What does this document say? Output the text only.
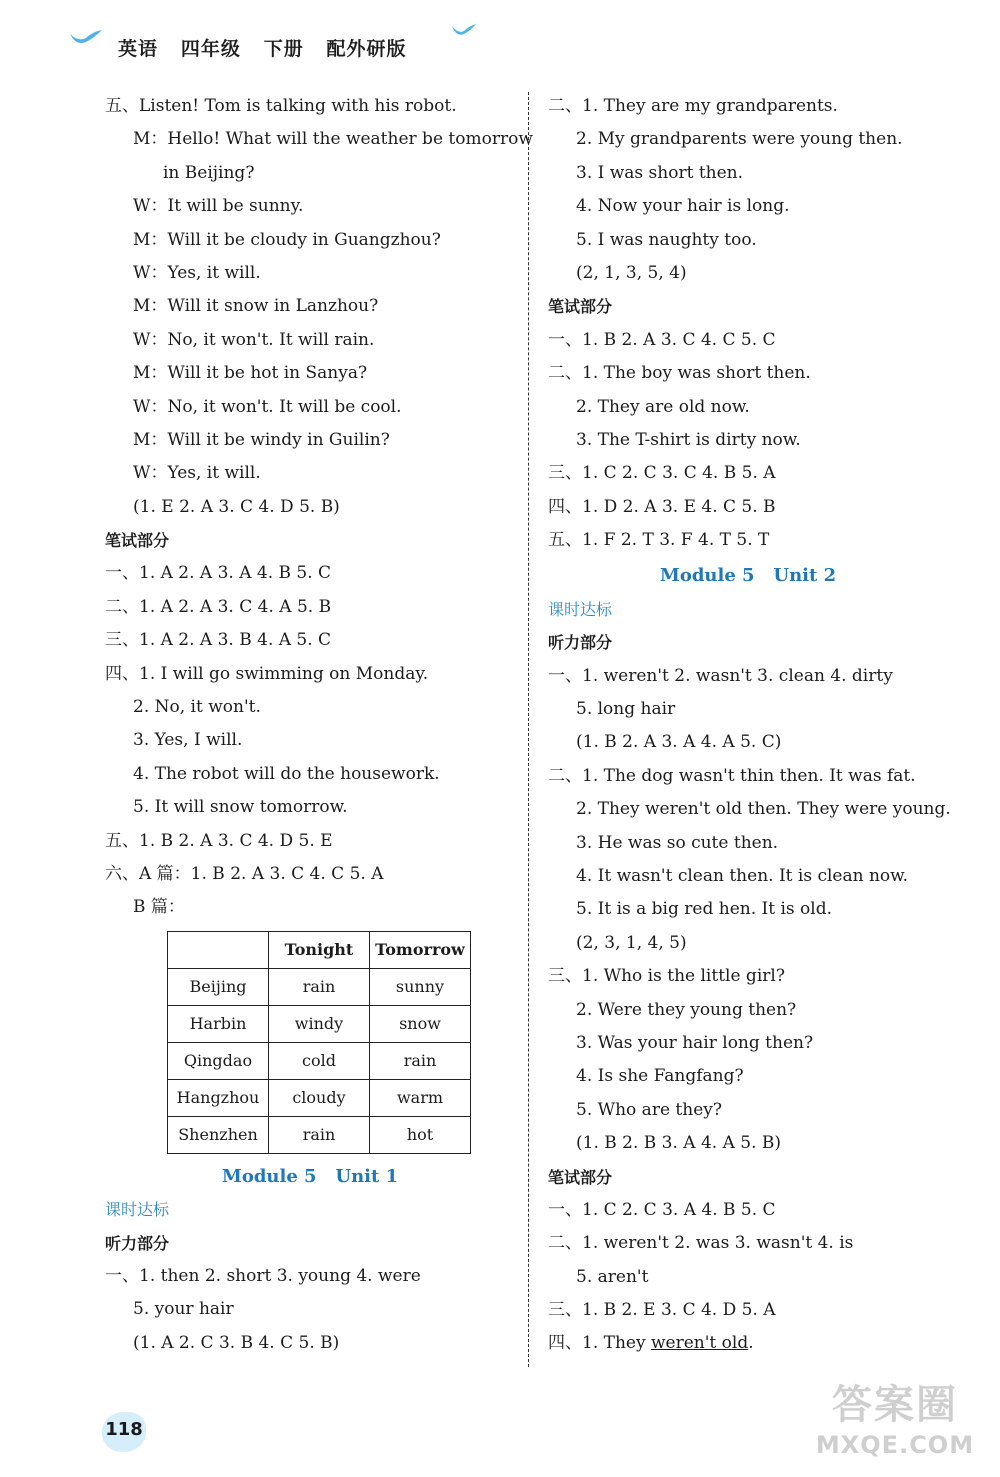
英语   四年级   下册   配外研版
五、Listen! Tom is talking with his robot.
M：Hello! What will the weather be tomorrow
in Beijing?
W：It will be sunny.
M：Will it be cloudy in Guangzhou?
W：Yes, it will.
M：Will it snow in Lanzhou?
W：No, it won't. It will rain.
M：Will it be hot in Sanya?
W：No, it won't. It will be cool.
M：Will it be windy in Guilin?
W：Yes, it will.
(1. E 2. A 3. C 4. D 5. B)
笔试部分
一、1. A 2. A 3. A 4. B 5. C
二、1. A 2. A 3. C 4. A 5. B
三、1. A 2. A 3. B 4. A 5. C
四、1. I will go swimming on Monday.
2. No, it won't.
3. Yes, I will.
4. The robot will do the housework.
5. It will snow tomorrow.
五、1. B 2. A 3. C 4. D 5. E
六、A 篇：1. B 2. A 3. C 4. C 5. A
B 篇：
	Tonight	Tomorrow
Beijing	rain	sunny
Harbin	windy	snow
Qingdao	cold	rain
Hangzhou	cloudy	warm
Shenzhen	rain	hot
Module 5   Unit 1
课时达标
听力部分
一、1. then 2. short 3. young 4. were
5. your hair
(1. A 2. C 3. B 4. C 5. B)
二、1. They are my grandparents.
2. My grandparents were young then.
3. I was short then.
4. Now your hair is long.
5. I was naughty too.
(2, 1, 3, 5, 4)
笔试部分
一、1. B 2. A 3. C 4. C 5. C
二、1. The boy was short then.
2. They are old now.
3. The T-shirt is dirty now.
三、1. C 2. C 3. C 4. B 5. A
四、1. D 2. A 3. E 4. C 5. B
五、1. F 2. T 3. F 4. T 5. T
Module 5   Unit 2
课时达标
听力部分
一、1. weren't 2. wasn't 3. clean 4. dirty
5. long hair
(1. B 2. A 3. A 4. A 5. C)
二、1. The dog wasn't thin then. It was fat.
2. They weren't old then. They were young.
3. He was so cute then.
4. It wasn't clean then. It is clean now.
5. It is a big red hen. It is old.
(2, 3, 1, 4, 5)
三、1. Who is the little girl?
2. Were they young then?
3. Was your hair long then?
4. Is she Fangfang?
5. Who are they?
(1. B 2. B 3. A 4. A 5. B)
笔试部分
一、1. C 2. C 3. A 4. B 5. C
二、1. weren't 2. was 3. wasn't 4. is
5. aren't
三、1. B 2. E 3. C 4. D 5. A
四、1. They weren't old.
118
答案圈
MXQE.COM
